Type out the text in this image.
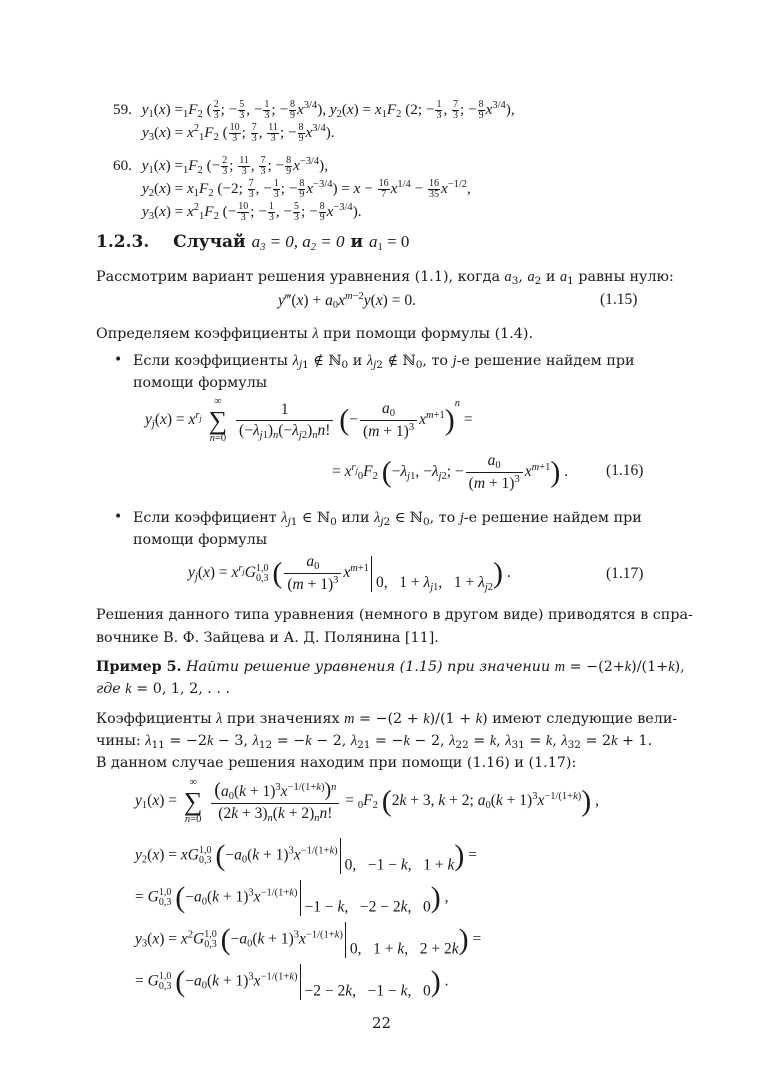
59. $y_1(x) =_1F_2$ ( $\frac{2}{3}$ ; − $\frac{5}{3}$ , − $\frac{1}{3}$ ; − $\frac{8}{9} x^{3/4}$), $y_2(x) = x_1F_2$ (2; − $\frac{1}{3}$ , $\frac{7}{3}$ ; − $\frac{8}{9} x^{3/4}$),
$y_3(x) = x^2_1F_2$ ( $\frac{10}{3}$ ; $\frac{7}{3}$ , $\frac{11}{3}$ ; − $\frac{8}{9} x^{3/4}$).
60. $y_1(x) =_1F_2$ (− $\frac{2}{3}$ ; $\frac{11}{3}$ , $\frac{7}{3}$ ; − $\frac{8}{9} x^{-3/4}$),
$y_2(x) = x_1F_2$ (−2; $\frac{7}{3}$ , − $\frac{1}{3}$ ; − $\frac{8}{9} x^{-3/4}) = x - \frac{16}{7} x^{1/4} - \frac{16}{35} x^{-1/2}$,
$y_3(x) = x^2_1F_2$ (− $\frac{10}{3}$ ; − $\frac{1}{3}$ , − $\frac{5}{3}$ ; − $\frac{8}{9} x^{-3/4}$).
1.2.3. Случай $a_3 = 0$, $a_2 = 0$ и $a_1 = 0$
Рассмотрим вариант решения уравнения (1.1), когда $a_3$, $a_2$ и $a_1$ равны нулю:
y‴(x) + $a_0x^{m-2}y(x) = 0$.	(1.15)
Определяем коэффициенты λ при помощи формулы (1.4).
• Если коэффициенты $\lambda_{j1}$ ∉ ℕ$_0$ и $\lambda_{j2}$ ∉ ℕ$_0$, то j-е решение найдем при
помощи формулы
$y_j(x) = x^{r_j}$
∞
∑
n=0
$\frac{1}{(-\lambda_{j1})_n(-\lambda_{j2})_nn!}$ (− $\frac{a_0}{(m + 1)^3} x^{m+1})^n$ =
= $x^{r_j}_0F_2$ ($-\lambda_{j1}$, $-\lambda_{j2}$; − $\frac{a_0}{(m + 1)^3} x^{m+1}$) . (1.16)
• Если коэффициент $\lambda_{j1}$ ∈ ℕ$_0$ или $\lambda_{j2}$ ∈ ℕ$_0$, то j-е решение найдем при
помощи формулы
$y_j(x) = x^{r_j}G1,0$
0,3 ( $\frac{a_0}{(m + 1)^3} x^{m+1}0$,   $1 + \lambda_{j1}$,   $1 + \lambda_{j2}$) .	(1.17)
Решения данного типа уравнения (немного в другом виде) приводятся в спра-
вочнике В. Ф. Зайцева и А. Д. Полянина [11].
Пример 5. Найти решение уравнения (1.15) при значении m = −(2+k)/(1+k),
где k = 0, 1, 2, . . .
Коэффициенты λ при значениях m = −(2 + k)/(1 + k) имеют следующие вели-
чины: $\lambda_{11} = -2k - 3$, $\lambda_{12} = -k - 2$, $\lambda_{21} = -k - 2$, $\lambda_{22} = k$, $\lambda_{31} = k$, $\lambda_{32} = 2k + 1$.
В данном случае решения находим при помощи (1.16) и (1.17):
$y_1(x)$ =
∞
∑
n=0
$\frac{(a_0(k + 1)^3x^{-1/(1+k)})^n}{(2k + 3)_n(k + 2)_nn!} = _0F_2$ (2k + 3, k + 2; $a_0(k + 1)^3x^{-1/(1+k)}$) ,
$y_2(x) = xG1,0$
0,3 ($-a_0(k + 1)^3x^{-1/(1+k)}0$,   −1 − k,   1 + k) =
= G1,0
0,3 ($-a_0(k + 1)^3x^{-1/(1+k)}-1 - k$,   −2 − 2k,   0) ,
$y_3(x) = x^2G1,0$
0,3 ($-a_0(k + 1)^3x^{-1/(1+k)}0$,   1 + k,   2 + 2k) =
= G1,0
0,3 ($-a_0(k + 1)^3x^{-1/(1+k)}-2 - 2k$,   −1 − k,   0) .
22
